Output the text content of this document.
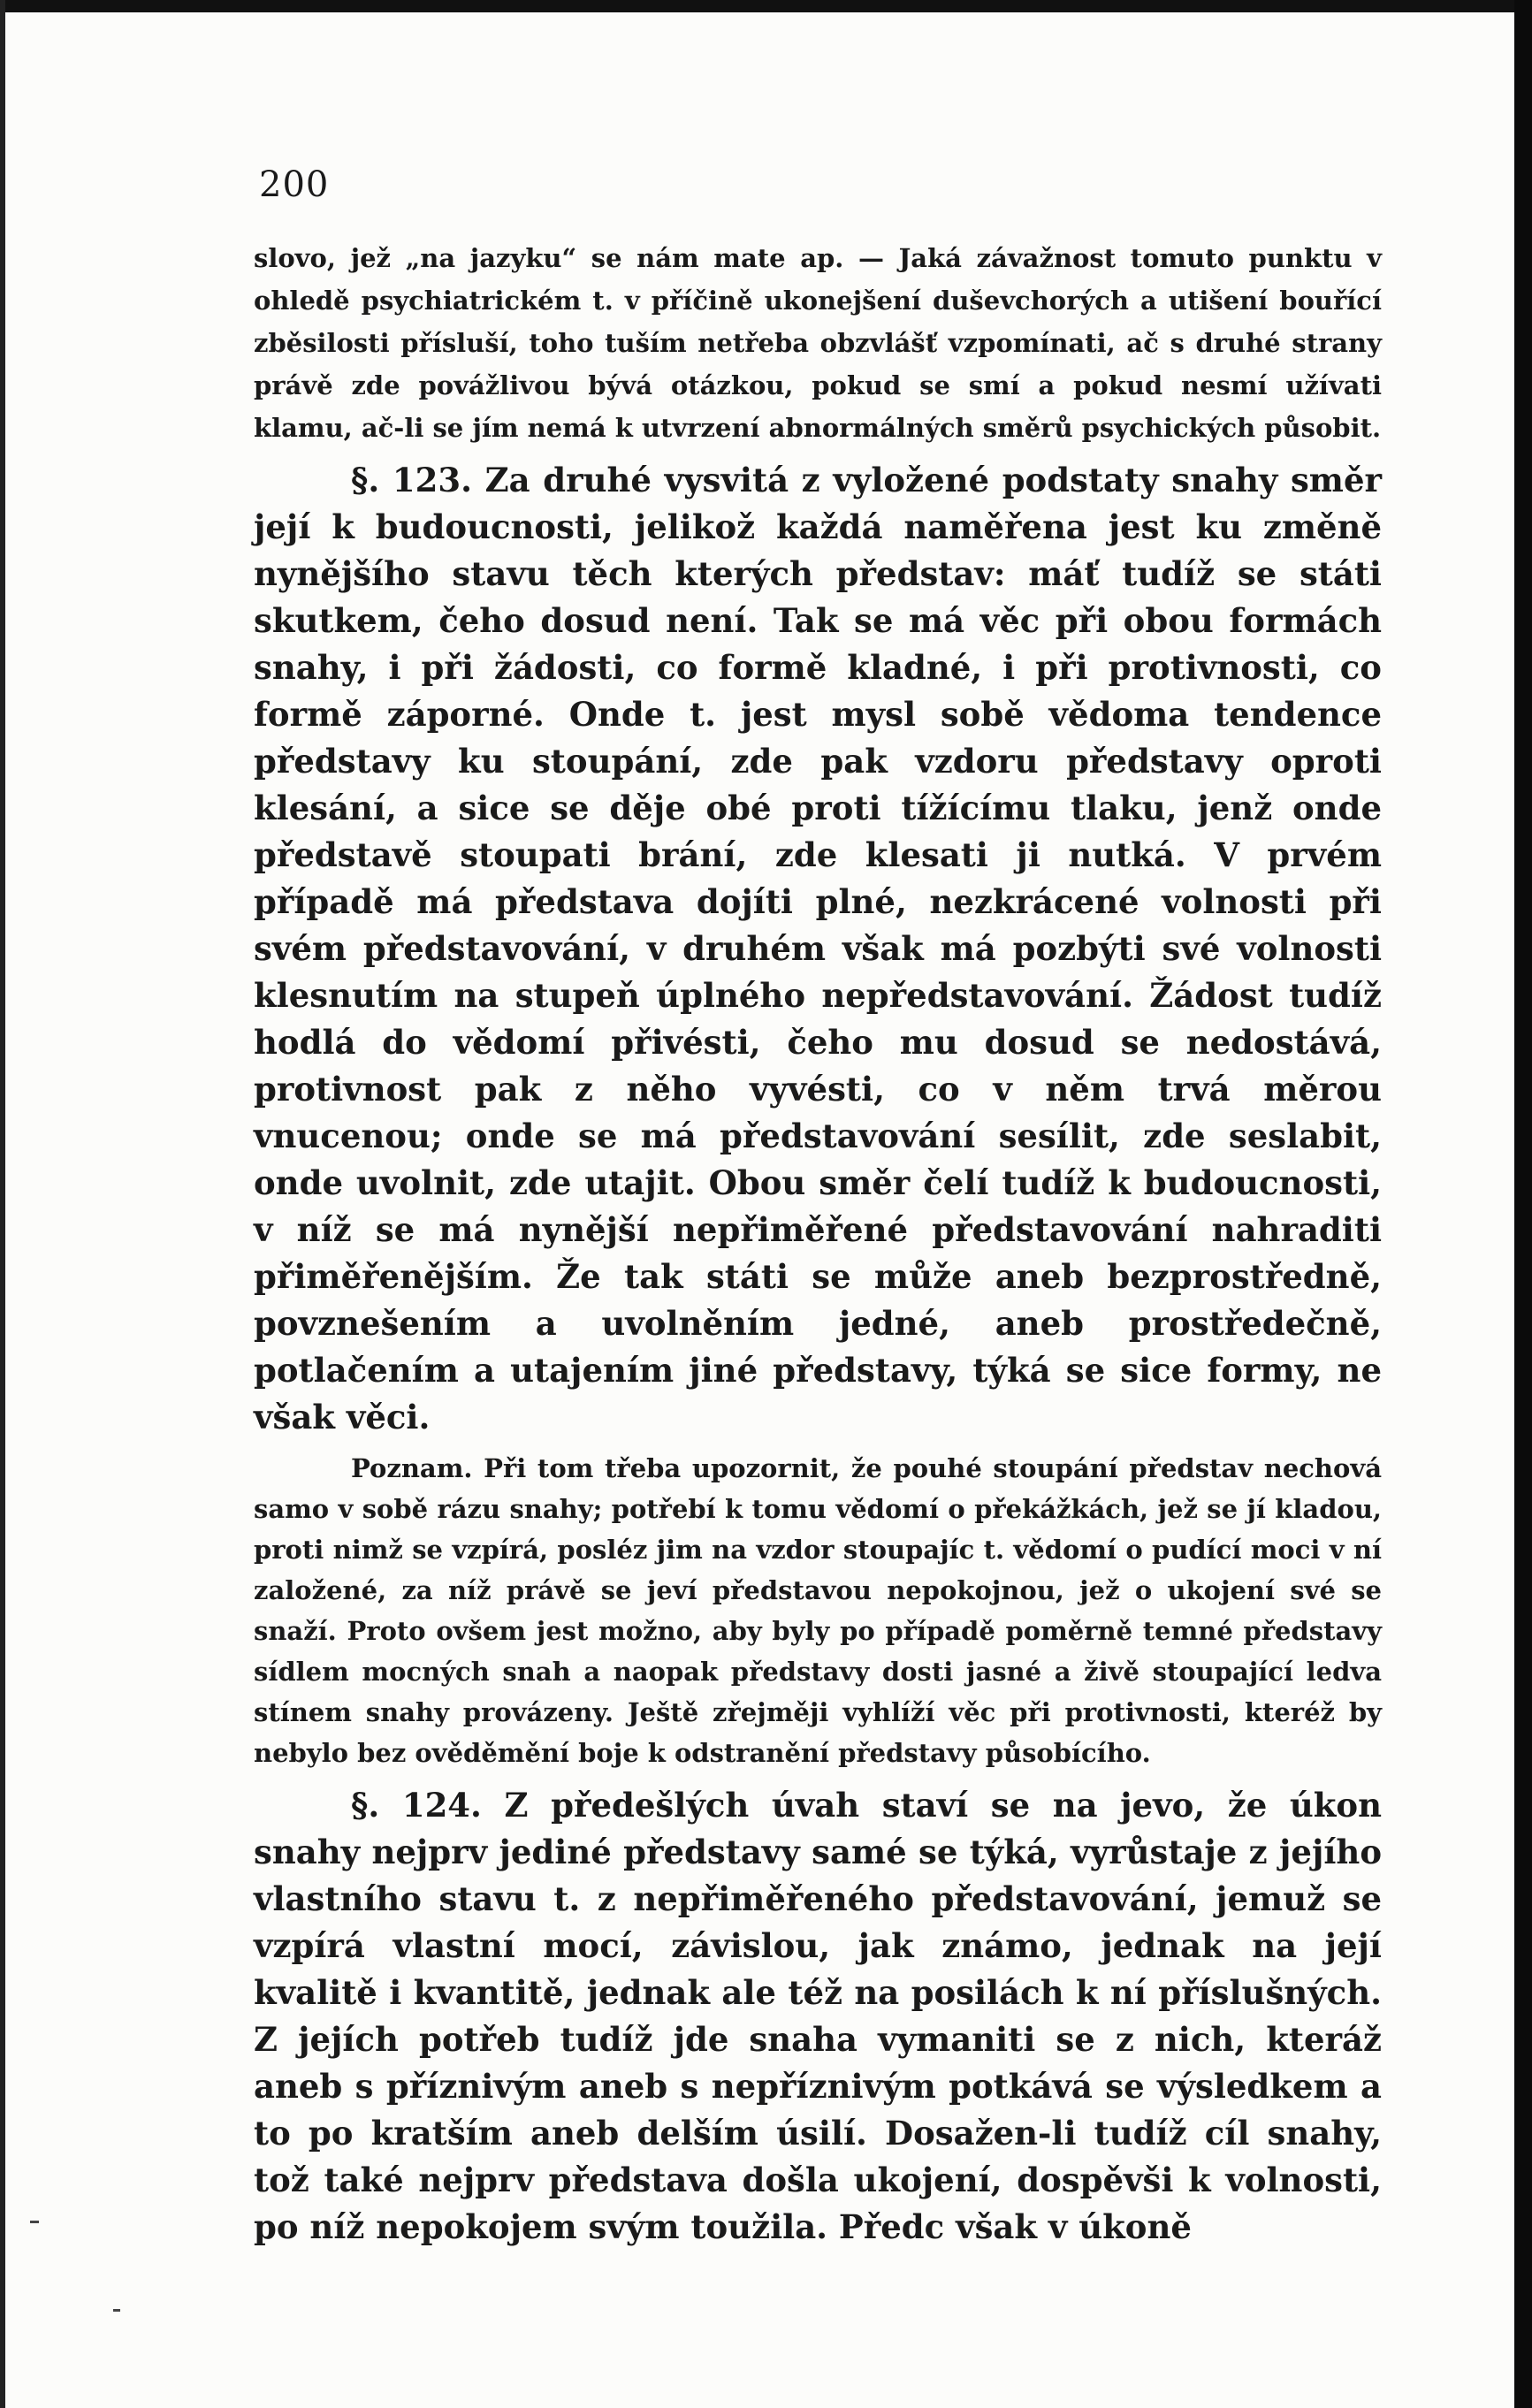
200

slovo, jež „na jazyku“ se nám mate ap. — Jaká závažnost tomuto punktu v ohledě psychiatrickém t. v příčině ukonejšení duševchorých a utišení bouřící zběsilosti přísluší, toho tuším netřeba obzvlášť vzpomínati, ač s druhé strany právě zde povážlivou bývá otázkou, pokud se smí a pokud nesmí užívati klamu, ač-li se jím nemá k utvrzení abnormálných směrů psychických působit.

§. 123. Za druhé vysvitá z vyložené podstaty snahy směr její k budoucnosti, jelikož každá naměřena jest ku změně nynějšího stavu těch kterých představ: máť tudíž se státi skutkem, čeho dosud není. Tak se má věc při obou formách snahy, i při žádosti, co formě kladné, i při protivnosti, co formě záporné. Onde t. jest mysl sobě vědoma tendence představy ku stoupání, zde pak vzdoru představy oproti klesání, a sice se děje obé proti tížícímu tlaku, jenž onde představě stoupati brání, zde klesati ji nutká. V prvém případě má představa dojíti plné, nezkrácené volnosti při svém představování, v druhém však má pozbýti své volnosti klesnutím na stupeň úplného nepředstavování. Žádost tudíž hodlá do vědomí přivésti, čeho mu dosud se nedostává, protivnost pak z něho vyvésti, co v něm trvá měrou vnucenou; onde se má představování sesílit, zde seslabit, onde uvolnit, zde utajit. Obou směr čelí tudíž k budoucnosti, v níž se má nynější nepřiměřené představování nahraditi přiměřenějším. Že tak státi se může aneb bezprostředně, povznešením a uvolněním jedné, aneb prostředečně, potlačením a utajením jiné představy, týká se sice formy, ne však věci.

Poznam. Při tom třeba upozornit, že pouhé stoupání představ nechová samo v sobě rázu snahy; potřebí k tomu vědomí o překážkách, jež se jí kladou, proti nimž se vzpírá, posléz jim na vzdor stoupajíc t. vědomí o pudící moci v ní založené, za níž právě se jeví představou nepokojnou, jež o ukojení své se snaží. Proto ovšem jest možno, aby byly po případě poměrně temné představy sídlem mocných snah a naopak představy dosti jasné a živě stoupající ledva stínem snahy provázeny. Ještě zřejměji vyhlíží věc při protivnosti, kteréž by nebylo bez ověděmění boje k odstranění představy působícího.

§. 124. Z předešlých úvah staví se na jevo, že úkon snahy nejprv jediné představy samé se týká, vyrůstaje z jejího vlastního stavu t. z nepřiměřeného představování, jemuž se vzpírá vlastní mocí, závislou, jak známo, jednak na její kvalitě i kvantitě, jednak ale též na posilách k ní příslušných. Z jejích potřeb tudíž jde snaha vymaniti se z nich, kteráž aneb s příznivým aneb s nepříznivým potkává se výsledkem a to po kratším aneb delším úsilí. Dosažen-li tudíž cíl snahy, tož také nejprv představa došla ukojení, dospěvši k volnosti, po níž nepokojem svým toužila. Předc však v úkoně
